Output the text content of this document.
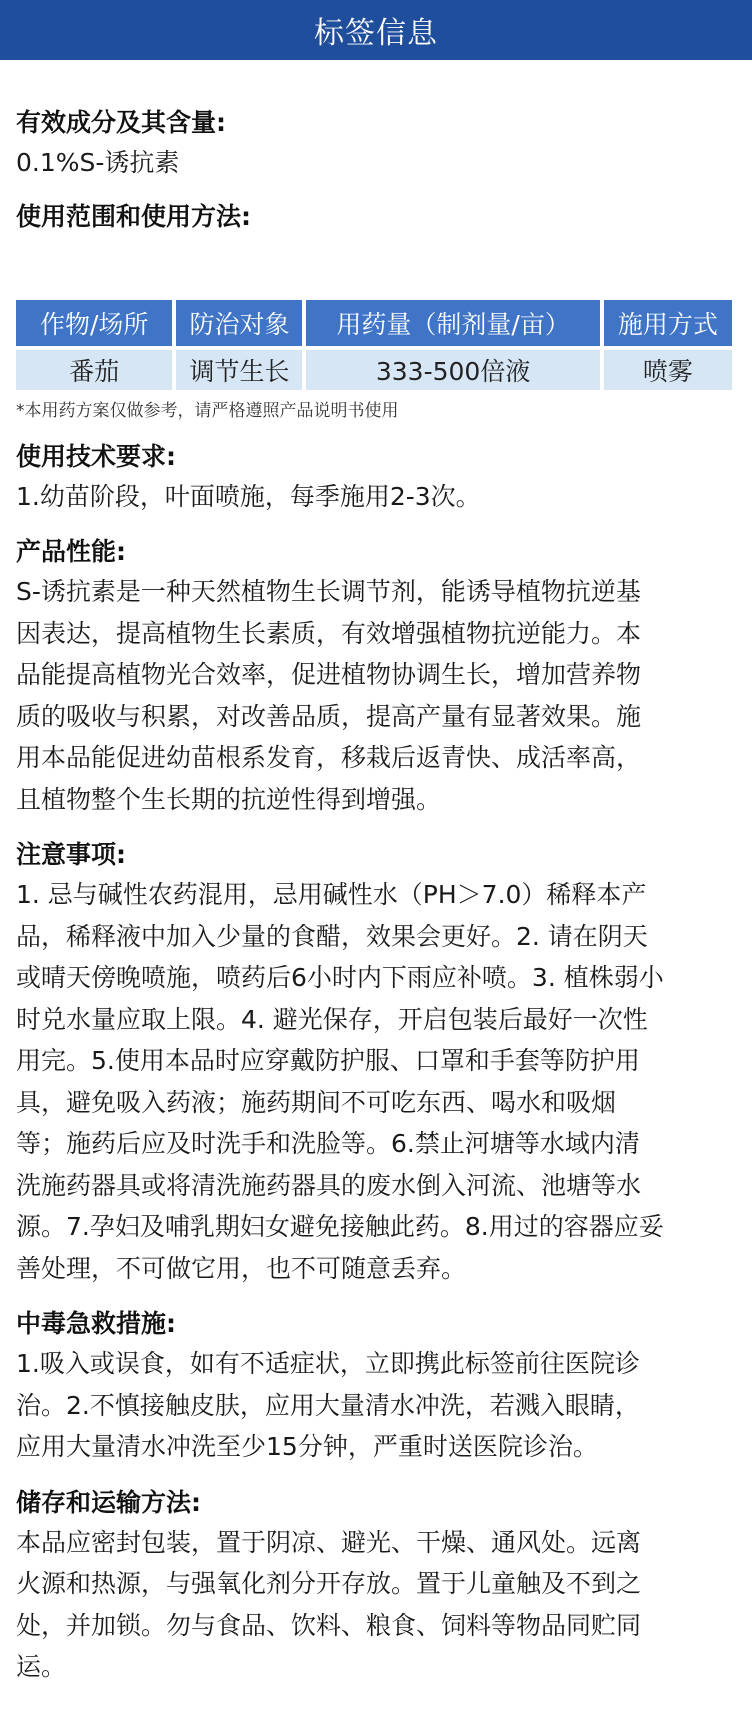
标签信息
有效成分及其含量:

0.1%S-诱抗素

使用范围和使用方法:
作物/场所	防治对象	用药量（制剂量/亩）	施用方式
番茄	调节生长	333-500倍液	喷雾

*本用药方案仅做参考，请严格遵照产品说明书使用

使用技术要求:

1.幼苗阶段，叶面喷施，每季施用2-3次。

产品性能:

S-诱抗素是一种天然植物生长调节剂，能诱导植物抗逆基

因表达，提高植物生长素质，有效增强植物抗逆能力。本

品能提高植物光合效率，促进植物协调生长，增加营养物

质的吸收与积累，对改善品质，提高产量有显著效果。施

用本品能促进幼苗根系发育，移栽后返青快、成活率高，

且植物整个生长期的抗逆性得到增强。

注意事项:

1. 忌与碱性农药混用，忌用碱性水（PH＞7.0）稀释本产

品，稀释液中加入少量的食醋，效果会更好。2. 请在阴天

或晴天傍晚喷施，喷药后6小时内下雨应补喷。3. 植株弱小

时兑水量应取上限。4. 避光保存，开启包装后最好一次性

用完。5.使用本品时应穿戴防护服、口罩和手套等防护用

具，避免吸入药液；施药期间不可吃东西、喝水和吸烟

等；施药后应及时洗手和洗脸等。6.禁止河塘等水域内清

洗施药器具或将清洗施药器具的废水倒入河流、池塘等水

源。7.孕妇及哺乳期妇女避免接触此药。8.用过的容器应妥

善处理，不可做它用，也不可随意丢弃。

中毒急救措施:

1.吸入或误食，如有不适症状，立即携此标签前往医院诊

治。2.不慎接触皮肤，应用大量清水冲洗，若溅入眼睛，

应用大量清水冲洗至少15分钟，严重时送医院诊治。

储存和运输方法:

本品应密封包装，置于阴凉、避光、干燥、通风处。远离

火源和热源，与强氧化剂分开存放。置于儿童触及不到之

处，并加锁。勿与食品、饮料、粮食、饲料等物品同贮同

运。
